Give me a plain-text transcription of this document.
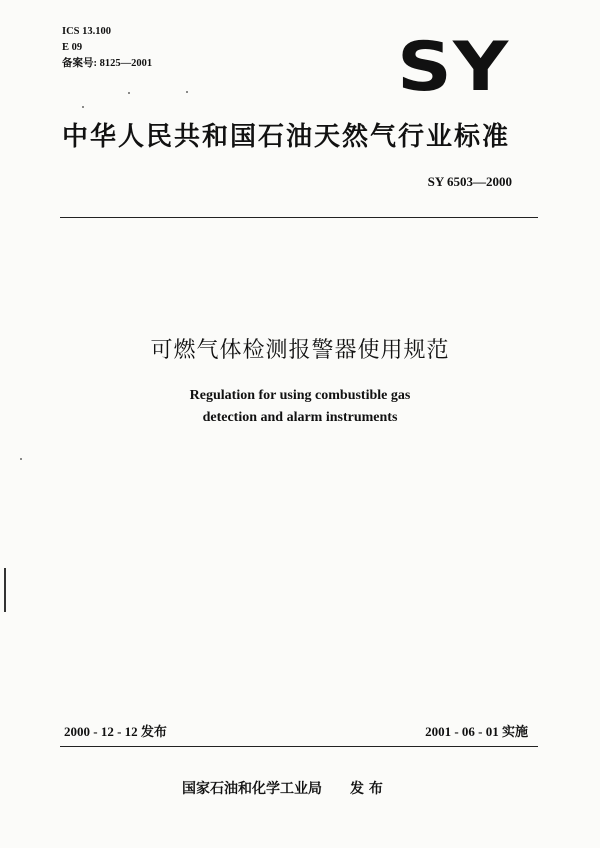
ICS 13.100
E 09
备案号: 8125—2001	SY
中华人民共和国石油天然气行业标准
SY 6503—2000
可燃气体检测报警器使用规范
Regulation for using combustible gas
detection and alarm instruments
2000 - 12 - 12 发布	2001 - 06 - 01 实施
国家石油和化学工业局 发 布
